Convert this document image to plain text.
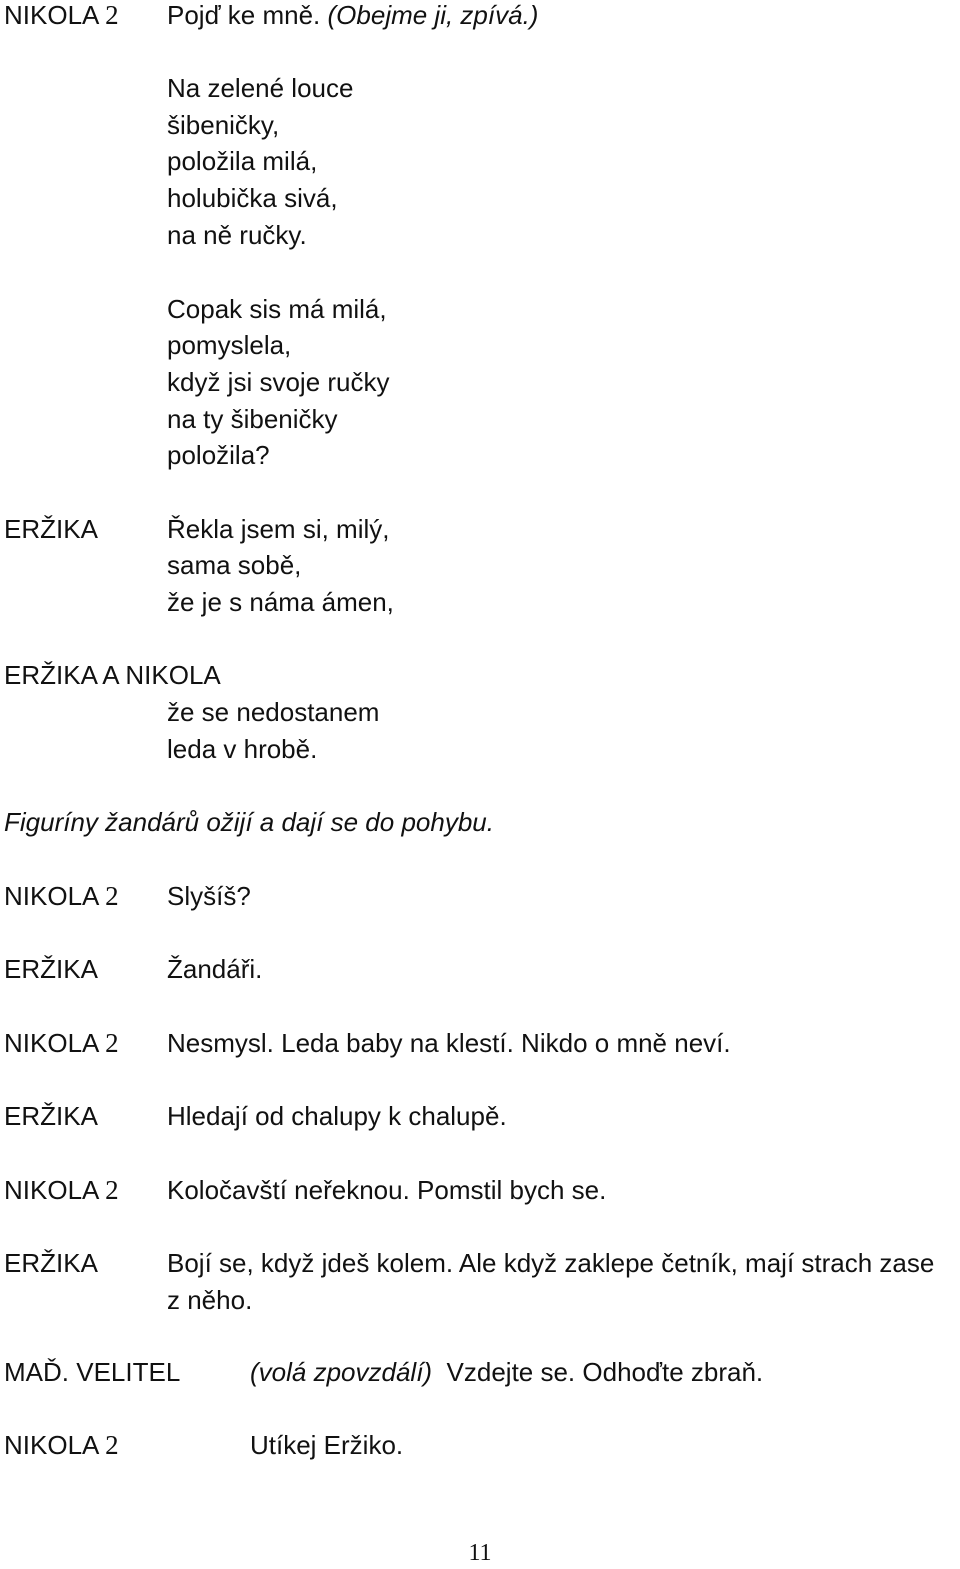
NIKOLA 2 Pojď ke mně. (Obejme ji, zpívá.)
Na zelené louce
šibeničky,
položila milá,
holubička sivá,
na ně ručky.
Copak sis má milá,
pomyslela,
když jsi svoje ručky
na ty šibeničky
položila?
ERŽIKA	Řekla jsem si, milý,
sama sobě,
že je s náma ámen,
ERŽIKA A NIKOLA
že se nedostanem
leda v hrobě.
Figuríny žandárů ožijí a dají se do pohybu.
NIKOLA 2 Slyšíš?
ERŽIKA	Žandáři.
NIKOLA 2 Nesmysl. Leda baby na klestí. Nikdo o mně neví.
ERŽIKA	Hledají od chalupy k chalupě.
NIKOLA 2 Koločavští neřeknou. Pomstil bych se.
ERŽIKA	Bojí se, když jdeš kolem. Ale když zaklepe četník, mají strach zase
z něho.
MAĎ. VELITEL	(volá zpovzdálí) Vzdejte se. Odhoďte zbraň.
NIKOLA 2	Utíkej Eržiko.
11
